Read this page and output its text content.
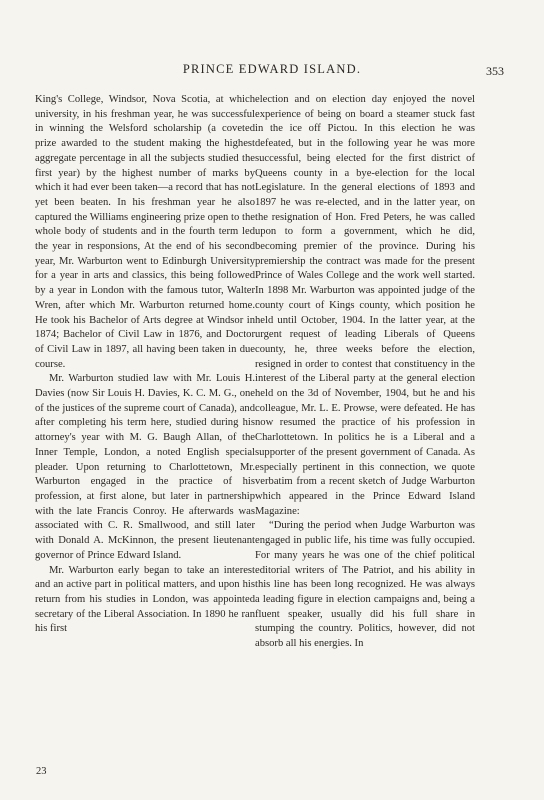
PRINCE EDWARD ISLAND.	353

King's College, Windsor, Nova Scotia, at which university, in his freshman year, he was successful in winning the Welsford scholarship (a coveted prize awarded to the student making the highest aggregate percentage in all the subjects studied the first year) by the highest number of marks by which it had ever been taken—a record that has not yet been beaten. In his freshman year he also captured the Williams engineering prize open to the whole body of students and in the fourth term led the year in responsions, At the end of his second year, Mr. Warburton went to Edinburgh University for a year in arts and classics, this being followed by a year in London with the famous tutor, Walter Wren, after which Mr. Warburton returned home. He took his Bachelor of Arts degree at Windsor in 1874; Bachelor of Civil Law in 1876, and Doctor of Civil Law in 1897, all having been taken in due course.

Mr. Warburton studied law with Mr. Louis H. Davies (now Sir Louis H. Davies, K. C. M. G., one of the justices of the supreme court of Canada), and after completing his term here, studied during his attorney's year with M. G. Baugh Allan, of the Inner Temple, London, a noted English special pleader. Upon returning to Charlottetown, Mr. Warburton engaged in the practice of his profession, at first alone, but later in partnership with the late Francis Conroy. He afterwards was associated with C. R. Smallwood, and still later with Donald A. McKinnon, the present lieutenant governor of Prince Edward Island.

Mr. Warburton early began to take an interest and an active part in political matters, and upon his return from his studies in London, was appointed secretary of the Liberal Association. In 1890 he ran his first

election and on election day enjoyed the novel experience of being on board a steamer stuck fast in the ice off Pictou. In this election he was defeated, but in the following year he was more successful, being elected for the first district of Queens county in a bye-election for the local Legislature. In the general elections of 1893 and 1897 he was re-elected, and in the latter year, on the resignation of Hon. Fred Peters, he was called upon to form a government, which he did, becoming premier of the province. During his premiership the contract was made for the present Prince of Wales College and the work well started. In 1898 Mr. Warburton was appointed judge of the county court of Kings county, which position he held until October, 1904. In the latter year, at the urgent request of leading Liberals of Queens county, he, three weeks before the election, resigned in order to contest that constituency in the interest of the Liberal party at the general election held on the 3d of November, 1904, but he and his colleague, Mr. L. E. Prowse, were defeated. He has now resumed the practice of his profession in Charlottetown. In politics he is a Liberal and a supporter of the present government of Canada. As especially pertinent in this connection, we quote verbatim from a recent sketch of Judge Warburton which appeared in the Prince Edward Island Magazine:

“During the period when Judge Warburton was engaged in public life, his time was fully occupied. For many years he was one of the chief political editorial writers of The Patriot, and his ability in this line has been long recognized. He was always a leading figure in election campaigns and, being a fluent speaker, usually did his full share in stumping the country. Politics, however, did not absorb all his energies. In

23
